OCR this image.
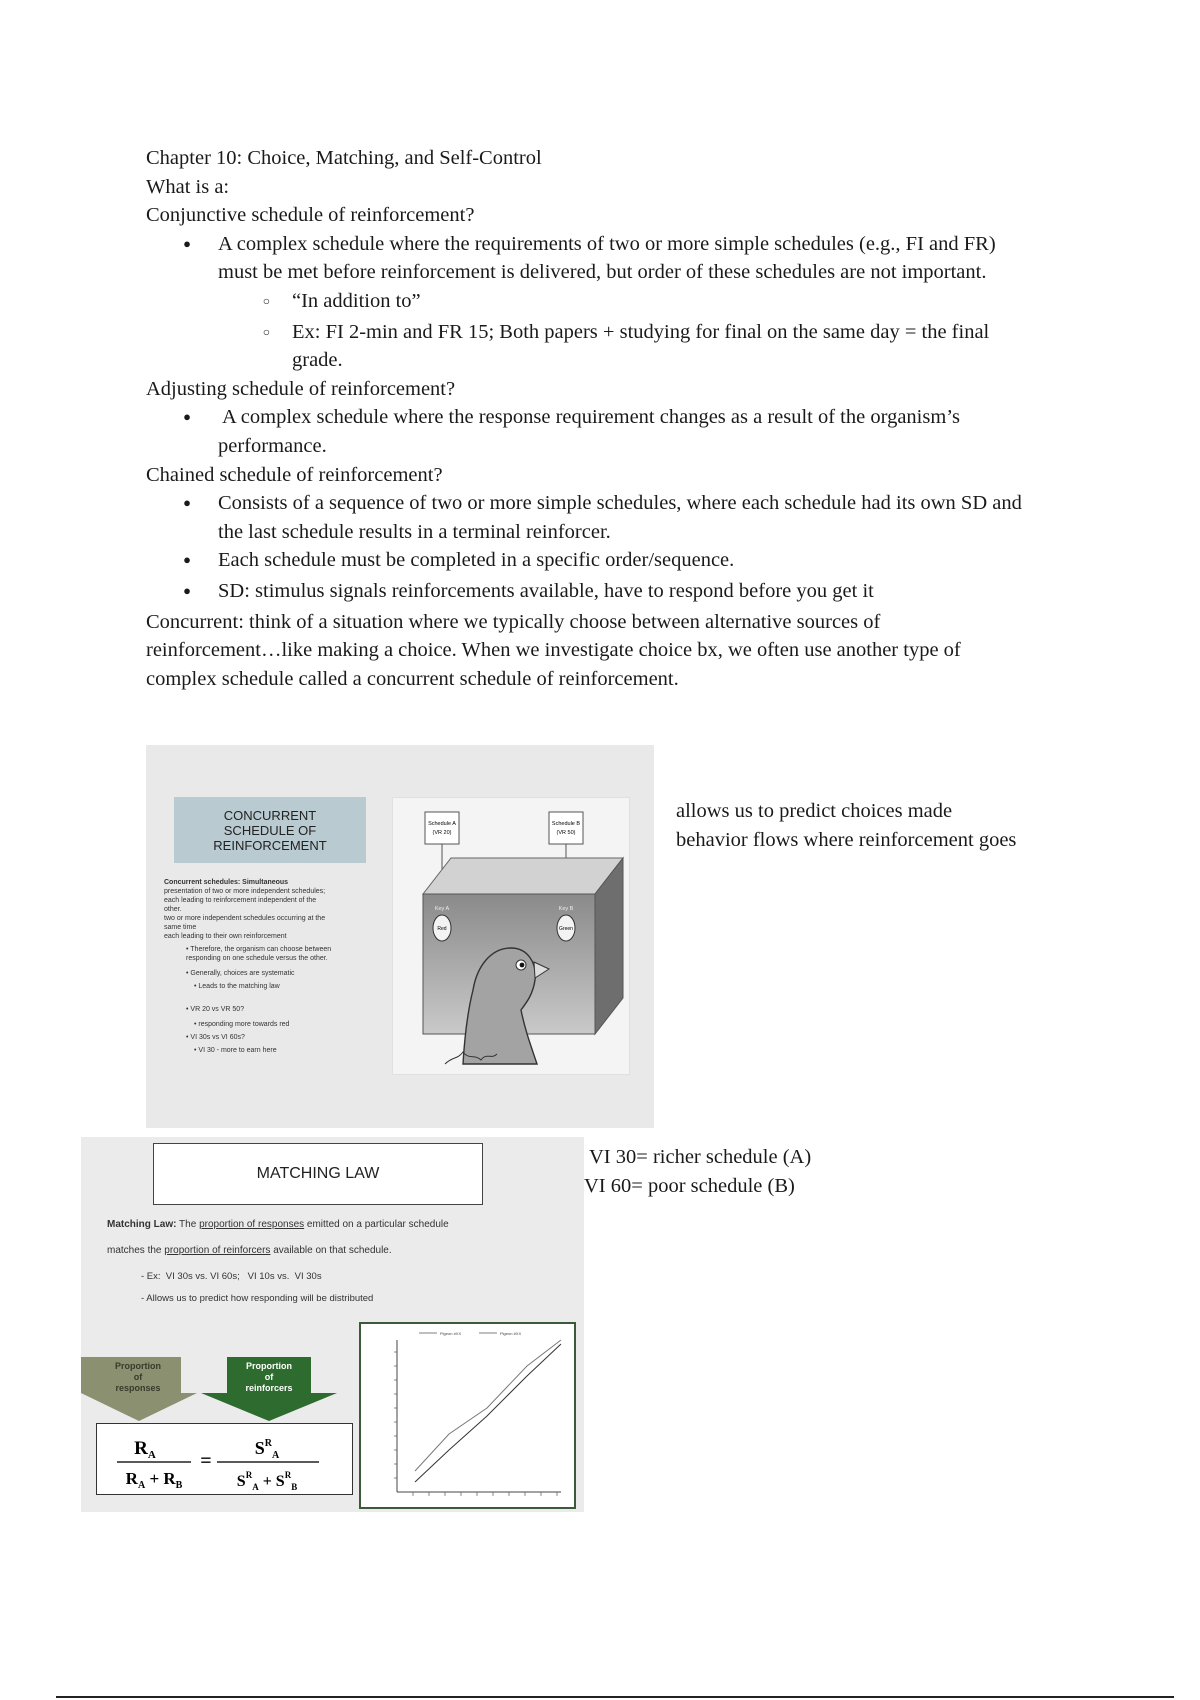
Chapter 10: Choice, Matching, and Self-Control
What is a:
Conjunctive schedule of reinforcement?
●
A complex schedule where the requirements of two or more simple schedules (e.g., FI and FR)
must be met before reinforcement is delivered, but order of these schedules are not important.
○
“In addition to”
○
Ex: FI 2-min and FR 15; Both papers + studying for final on the same day = the final
grade.
Adjusting schedule of reinforcement?
●
A complex schedule where the response requirement changes as a result of the organism’s
performance.
Chained schedule of reinforcement?
●
Consists of a sequence of two or more simple schedules, where each schedule had its own SD and
the last schedule results in a terminal reinforcer.
●
Each schedule must be completed in a specific order/sequence.
●
SD: stimulus signals reinforcements available, have to respond before you get it
Concurrent: think of a situation where we typically choose between alternative sources of
reinforcement…like making a choice. When we investigate choice bx, we often use another type of
complex schedule called a concurrent schedule of reinforcement.
CONCURRENT
SCHEDULE OF
REINFORCEMENT
Concurrent schedules: Simultaneous
presentation of two or more independent schedules;
each leading to reinforcement independent of the
other.
two or more independent schedules occurring at the
same time
each leading to their own reinforcement
• Therefore, the organism can choose between
responding on one schedule versus the other.
• Generally, choices are systematic
• Leads to the matching law
• VR 20 vs VR 50?
• responding more towards red
• VI 30s vs VI 60s?
• VI 30 - more to earn here
Schedule A
(VR 20)
Schedule B
(VR 50)
Key A
Red
Key B
Green
allows us to predict choices made
behavior flows where reinforcement goes
VI 30= richer schedule (A)
VI 60= poor schedule (B)
MATCHING LAW
Matching Law: The proportion of responses emitted on a particular schedule
matches the proportion of reinforcers available on that schedule.
- Ex:  VI 30s vs. VI 60s;   VI 10s vs.  VI 30s
- Allows us to predict how responding will be distributed
Proportion
of
responses
Proportion
of
reinforcers
$R_A$
$R_A + R_B$
=
$S^R_A$
$S^R_A + S^R_B$
Pigeon #XX	Pigeon #XX
